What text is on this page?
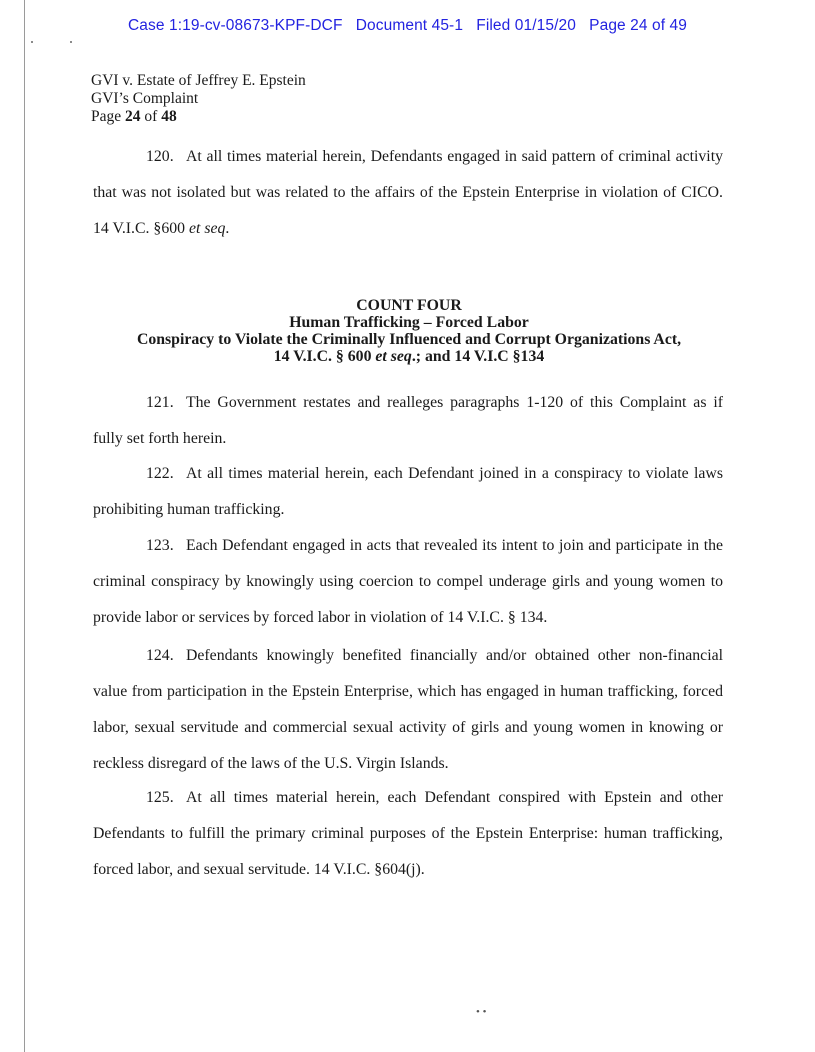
Case 1:19-cv-08673-KPF-DCF Document 45-1 Filed 01/15/20 Page 24 of 49
GVI v. Estate of Jeffrey E. Epstein
GVI’s Complaint
Page 24 of 48
120. At all times material herein, Defendants engaged in said pattern of criminal activity
that was not isolated but was related to the affairs of the Epstein Enterprise in violation of CICO.
14 V.I.C. §600 et seq.
COUNT FOUR
Human Trafficking – Forced Labor
Conspiracy to Violate the Criminally Influenced and Corrupt Organizations Act,
14 V.I.C. § 600 et seq.; and 14 V.I.C §134
121. The Government restates and realleges paragraphs 1-120 of this Complaint as if
fully set forth herein.
122. At all times material herein, each Defendant joined in a conspiracy to violate laws
prohibiting human trafficking.
123. Each Defendant engaged in acts that revealed its intent to join and participate in the
criminal conspiracy by knowingly using coercion to compel underage girls and young women to
provide labor or services by forced labor in violation of 14 V.I.C. § 134.
124. Defendants knowingly benefited financially and/or obtained other non-financial
value from participation in the Epstein Enterprise, which has engaged in human trafficking, forced
labor, sexual servitude and commercial sexual activity of girls and young women in knowing or
reckless disregard of the laws of the U.S. Virgin Islands.
125. At all times material herein, each Defendant conspired with Epstein and other
Defendants to fulfill the primary criminal purposes of the Epstein Enterprise: human trafficking,
forced labor, and sexual servitude. 14 V.I.C. §604(j).
• •
